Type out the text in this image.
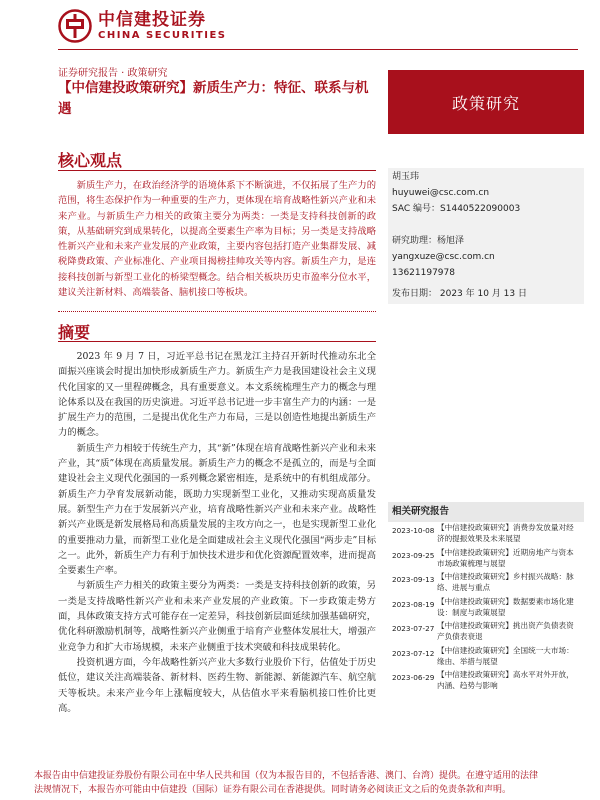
中信建投证券
CHINA SECURITIES
证券研究报告 · 政策研究
【中信建投政策研究】新质生产力：特征、联系与机遇	政策研究
核心观点
新质生产力，在政治经济学的语境体系下不断演进，不仅拓展了生产力的范围，将生态保护作为一种重要的生产力，更体现在培育战略性新兴产业和未来产业。与新质生产力相关的政策主要分为两类：一类是支持科技创新的政策，从基础研究到成果转化，以提高全要素生产率为目标；另一类是支持战略性新兴产业和未来产业发展的产业政策，主要内容包括打造产业集群发展、减税降费政策、产业标准化、产业项目揭榜挂帅攻关等内容。新质生产力，是连接科技创新与新型工业化的桥梁型概念。结合相关板块历史市盈率分位水平，建议关注新材料、高端装备、脑机接口等板块。
摘要

2023 年 9 月 7 日，习近平总书记在黑龙江主持召开新时代推动东北全面振兴座谈会时提出加快形成新质生产力。新质生产力是我国建设社会主义现代化国家的又一里程碑概念，具有重要意义。本文系统梳理生产力的概念与理论体系以及在我国的历史演进。习近平总书记进一步丰富生产力的内涵：一是扩展生产力的范围，二是提出优化生产力布局，三是以创造性地提出新质生产力的概念。

新质生产力相较于传统生产力，其“新”体现在培育战略性新兴产业和未来产业，其“质”体现在高质量发展。新质生产力的概念不是孤立的，而是与全面建设社会主义现代化强国的一系列概念紧密相连，是系统中的有机组成部分。新质生产力孕育发展新动能，既助力实现新型工业化，又推动实现高质量发展。新型生产力在于发展新兴产业，培育战略性新兴产业和未来产业。战略性新兴产业既是新发展格局和高质量发展的主攻方向之一，也是实现新型工业化的重要推动力量，而新型工业化是全面建成社会主义现代化强国“两步走”目标之一。此外，新质生产力有利于加快技术进步和优化资源配置效率，进而提高全要素生产率。

与新质生产力相关的政策主要分为两类：一类是支持科技创新的政策，另一类是支持战略性新兴产业和未来产业发展的产业政策。下一步政策走势方面，具体政策支持方式可能存在一定差异，科技创新层面延续加强基础研究，优化科研激励机制等，战略性新兴产业侧重于培育产业整体发展壮大，增强产业竞争力和扩大市场规模，未来产业侧重于技术突破和科技成果转化。

投资机遇方面，今年战略性新兴产业大多数行业股价下行，估值处于历史低位，建议关注高端装备、新材料、医药生物、新能源、新能源汽车、航空航天等板块。未来产业今年上涨幅度较大，从估值水平来看脑机接口性价比更高。

胡玉玮
huyuwei@csc.com.cn
SAC 编号：S1440522090003
研究助理：杨旭泽
yangxuze@csc.com.cn
13621197978
发布日期： 2023 年 10 月 13 日
相关研究报告
2023-10-08 【中信建投政策研究】消费券发放量对经济的提振效果及未来展望
2023-09-25 【中信建投政策研究】近期房地产与资本市场政策梳理与展望
2023-09-13 【中信建投政策研究】乡村振兴战略：脉络、进展与重点
2023-08-19 【中信建投政策研究】数据要素市场化建设：制度与政策展望
2023-07-27 【中信建投政策研究】挑出资产负债表资产负债表衰退
2023-07-12 【中信建投政策研究】全国统一大市场：缘由、举措与展望
2023-06-29 【中信建投政策研究】高水平对外开放，内涵、趋势与影响
本报告由中信建投证券股份有限公司在中华人民共和国（仅为本报告目的，不包括香港、澳门、台湾）提供。在遵守适用的法律
法规情况下，本报告亦可能由中信建投（国际）证券有限公司在香港提供。同时请务必阅读正文之后的免责条款和声明。
